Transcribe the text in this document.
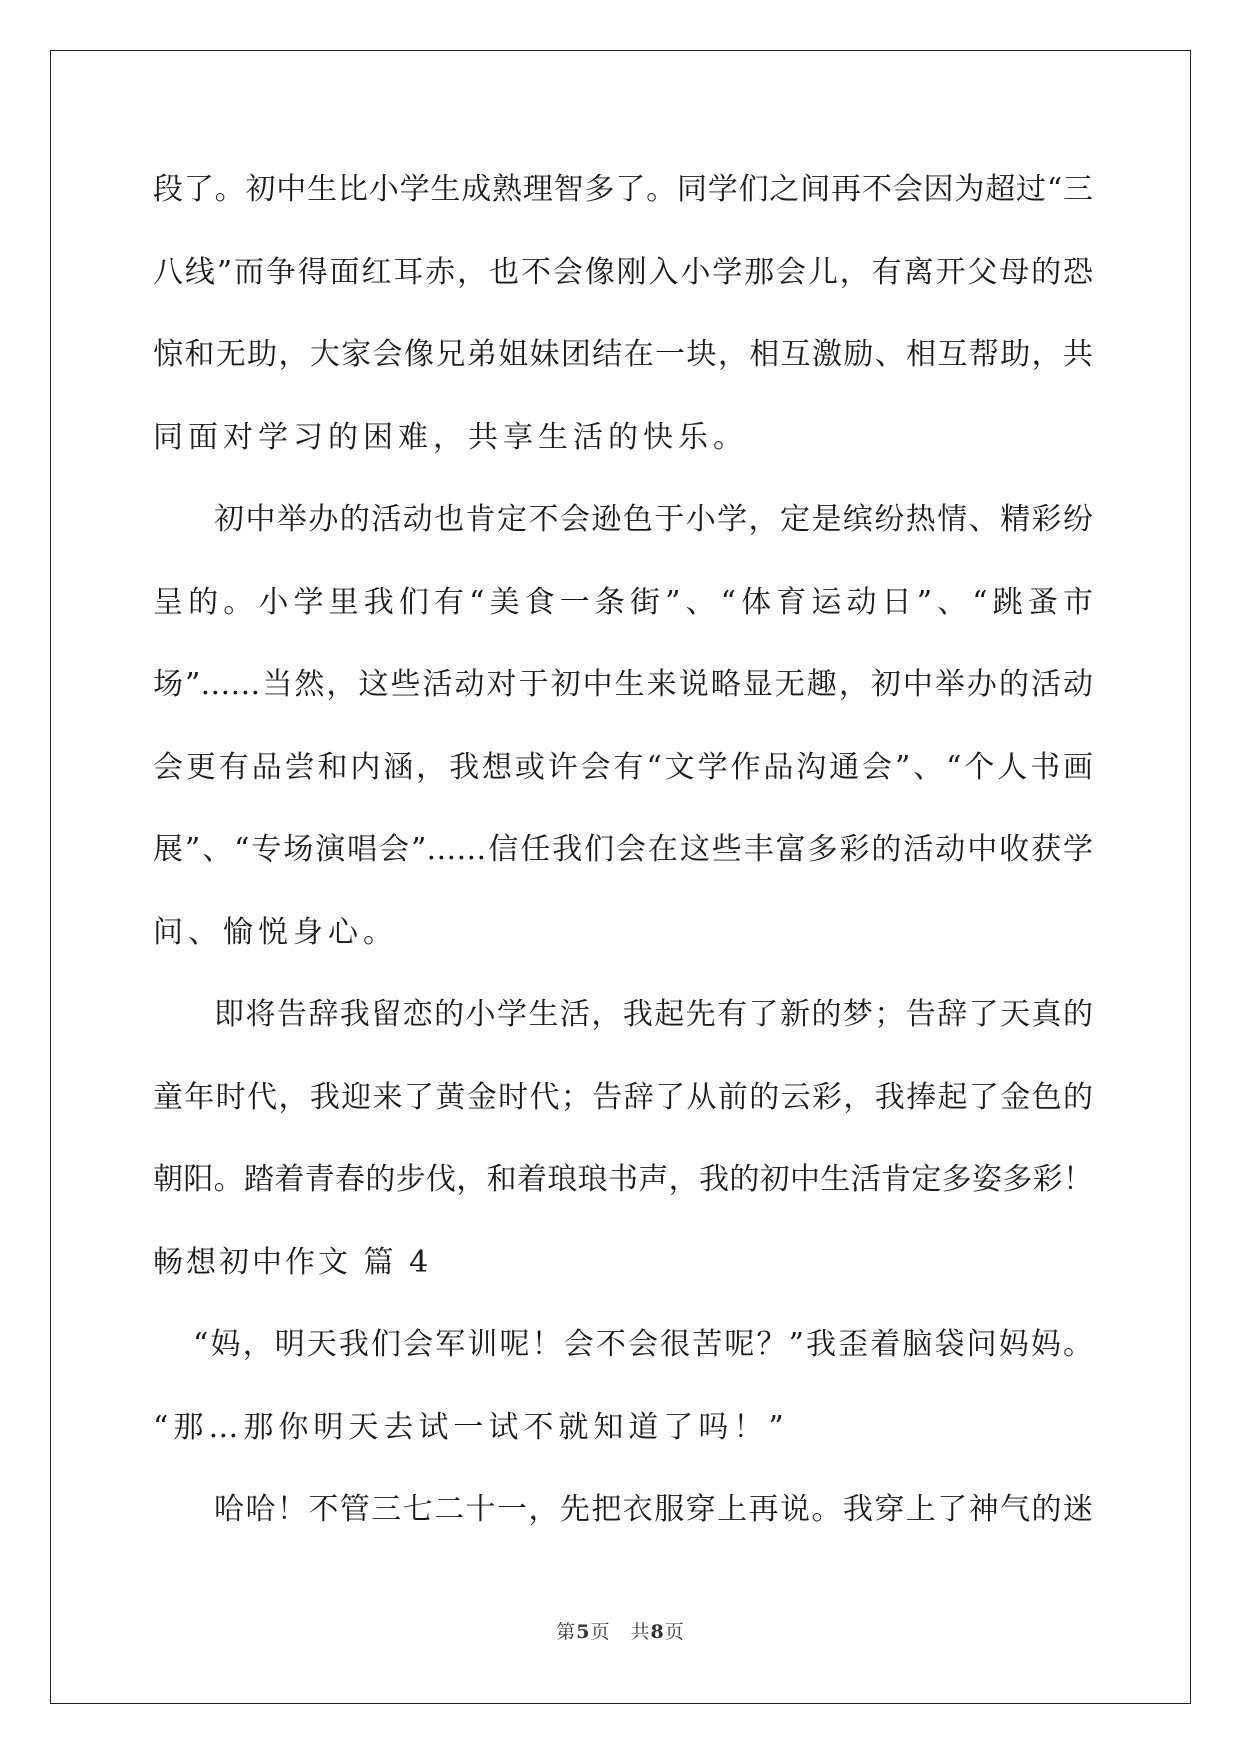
段了。初中生比小学生成熟理智多了。同学们之间再不会因为超过“三
八线”而争得面红耳赤，也不会像刚入小学那会儿，有离开父母的恐
惊和无助，大家会像兄弟姐妹团结在一块，相互激励、相互帮助，共
同面对学习的困难，共享生活的快乐。
初中举办的活动也肯定不会逊色于小学，定是缤纷热情、精彩纷
呈的。小学里我们有“美食一条街”、“体育运动日”、“跳蚤市
场”……当然，这些活动对于初中生来说略显无趣，初中举办的活动
会更有品尝和内涵，我想或许会有“文学作品沟通会”、“个人书画
展”、“专场演唱会”……信任我们会在这些丰富多彩的活动中收获学
问、愉悦身心。
即将告辞我留恋的小学生活，我起先有了新的梦；告辞了天真的
童年时代，我迎来了黄金时代；告辞了从前的云彩，我捧起了金色的
朝阳。踏着青春的步伐，和着琅琅书声，我的初中生活肯定多姿多彩！
畅想初中作文 篇 4
“妈，明天我们会军训呢！会不会很苦呢？”我歪着脑袋问妈妈。
“那…那你明天去试一试不就知道了吗！”
哈哈！不管三七二十一，先把衣服穿上再说。我穿上了神气的迷
第5页　共8页
